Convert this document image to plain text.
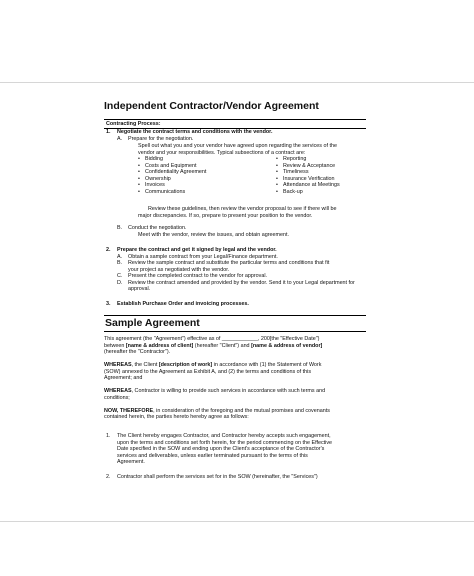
Independent Contractor/Vendor Agreement
Contracting Process:
1. Negotiate the contract terms and conditions with the vendor.
A. Prepare for the negotiation.
Spell out what you and your vendor have agreed upon regarding the services of the
vendor and your responsibilities. Typical subsections of a contract are:
• Bidding
• Costs and Equipment
• Confidentiality Agreement
• Ownership
• Invoices
• Communications
• Reporting
• Review & Acceptance
• Timeliness
• Insurance Verification
• Attendance at Meetings
• Back-up
Review these guidelines, then review the vendor proposal to see if there will be
major discrepancies. If so, prepare to present your position to the vendor.
B. Conduct the negotiation.
Meet with the vendor, review the issues, and obtain agreement.
2. Prepare the contract and get it signed by legal and the vendor.
A. Obtain a sample contract from your Legal/Finance department.
B. Review the sample contract and substitute the particular terms and conditions that fit
your project as negotiated with the vendor.
C. Present the completed contract to the vendor for approval.
D. Review the contract amended and provided by the vendor. Send it to your Legal department for
approval.
3. Establish Purchase Order and invoicing processes.
Sample Agreement
This agreement (the "Agreement") effective as of ____________, 200[the "Effective Date")
between [name & address of client] (hereafter "Client") and [name & address of vendor]
(hereafter the "Contractor").
WHEREAS, the Client [description of work] in accordance with (1) the Statement of Work
(SOW) annexed to the Agreement as Exhibit A, and (2) the terms and conditions of this
Agreement; and
WHEREAS, Contractor is willing to provide such services in accordance with such terms and
conditions;
NOW, THEREFORE, in consideration of the foregoing and the mutual promises and covenants
contained herein, the parties hereto hereby agree as follows:
1. The Client hereby engages Contractor, and Contractor hereby accepts such engagement,
upon the terms and conditions set forth herein, for the period commencing on the Effective
Date specified in the SOW and ending upon the Client's acceptance of the Contractor's
services and deliverables, unless earlier terminated pursuant to the terms of this
Agreement.
2. Contractor shall perform the services set for in the SOW (hereinafter, the "Services")
